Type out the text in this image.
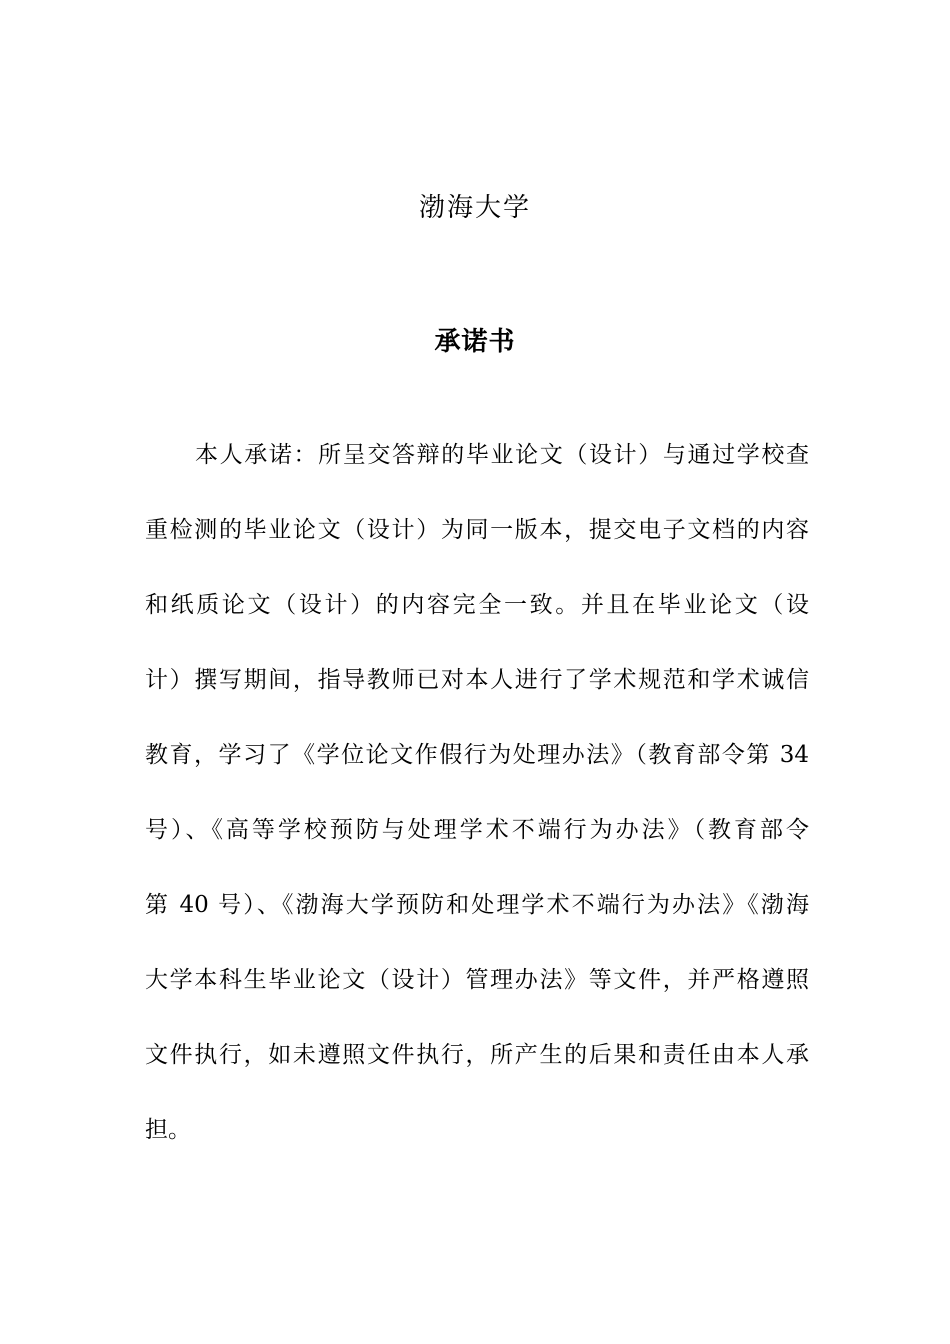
渤海大学
承诺书
本人承诺：所呈交答辩的毕业论文（设计）与通过学校查
重检测的毕业论文（设计）为同一版本，提交电子文档的内容
和纸质论文（设计）的内容完全一致。并且在毕业论文（设
计）撰写期间，指导教师已对本人进行了学术规范和学术诚信
教育，学习了《学位论文作假行为处理办法》（教育部令第 34
号）、《高等学校预防与处理学术不端行为办法》（教育部令
第 40 号）、《渤海大学预防和处理学术不端行为办法》《渤海
大学本科生毕业论文（设计）管理办法》等文件，并严格遵照
文件执行，如未遵照文件执行，所产生的后果和责任由本人承
担。
